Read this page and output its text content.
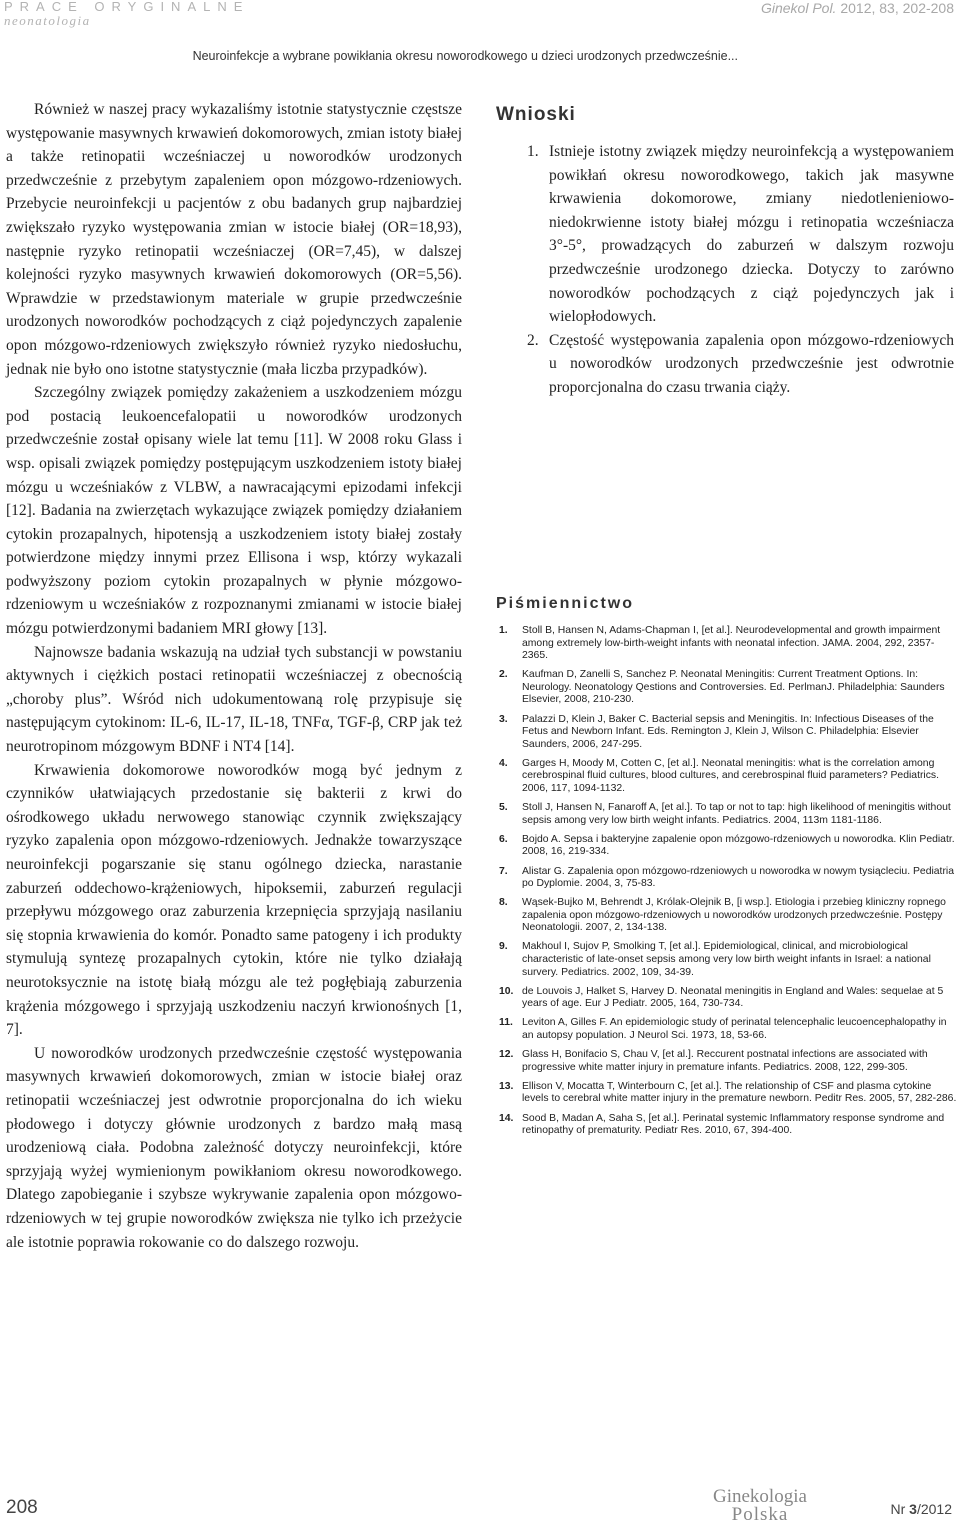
PRACE ORYGINALNE
neonatologia
Ginekol Pol. 2012, 83, 202-208
Neuroinfekcje a wybrane powikłania okresu noworodkowego u dzieci urodzonych przedwcześnie...

Również w naszej pracy wykazaliśmy istotnie statystycznie częstsze występowanie masywnych krwawień dokomorowych, zmian istoty białej a także retinopatii wcześniaczej u noworodków urodzonych przedwcześnie z przebytym zapaleniem opon mózgowo-rdzeniowych. Przebycie neuroinfekcji u pacjentów z obu badanych grup najbardziej zwiększało ryzyko występowania zmian w istocie białej (OR=18,93), następnie ryzyko retinopatii wcześniaczej (OR=7,45), w dalszej kolejności ryzyko masywnych krwawień dokomorowych (OR=5,56). Wprawdzie w przedstawionym materiale w grupie przedwcześnie urodzonych noworodków pochodzących z ciąż pojedynczych zapalenie opon mózgowo-rdzeniowych zwiększyło również ryzyko niedosłuchu, jednak nie było ono istotne statystycznie (mała liczba przypadków).

Szczególny związek pomiędzy zakażeniem a uszkodzeniem mózgu pod postacią leukoencefalopatii u noworodków urodzonych przedwcześnie został opisany wiele lat temu [11]. W 2008 roku Glass i wsp. opisali związek pomiędzy postępującym uszkodzeniem istoty białej mózgu u wcześniaków z VLBW, a nawracającymi epizodami infekcji [12]. Badania na zwierzętach wykazujące związek pomiędzy działaniem cytokin prozapalnych, hipotensją a uszkodzeniem istoty białej zostały potwierdzone między innymi przez Ellisona i wsp, którzy wykazali podwyższony poziom cytokin prozapalnych w płynie mózgowo-rdzeniowym u wcześniaków z rozpoznanymi zmianami w istocie białej mózgu potwierdzonymi badaniem MRI głowy [13].

Najnowsze badania wskazują na udział tych substancji w powstaniu aktywnych i ciężkich postaci retinopatii wcześniaczej z obecnością „choroby plus”. Wśród nich udokumentowaną rolę przypisuje się następującym cytokinom: IL-6, IL-17, IL-18, TNFα, TGF-β, CRP jak też neurotropinom mózgowym BDNF i NT4 [14].

Krwawienia dokomorowe noworodków mogą być jednym z czynników ułatwiających przedostanie się bakterii z krwi do ośrodkowego układu nerwowego stanowiąc czynnik zwiększający ryzyko zapalenia opon mózgowo-rdzeniowych. Jednakże towarzyszące neuroinfekcji pogarszanie się stanu ogólnego dziecka, narastanie zaburzeń oddechowo-krążeniowych, hipoksemii, zaburzeń regulacji przepływu mózgowego oraz zaburzenia krzepnięcia sprzyjają nasilaniu się stopnia krwawienia do komór. Ponadto same patogeny i ich produkty stymulują syntezę prozapalnych cytokin, które nie tylko działają neurotoksycznie na istotę białą mózgu ale też pogłębiają zaburzenia krążenia mózgowego i sprzyjają uszkodzeniu naczyń krwionośnych [1, 7].

U noworodków urodzonych przedwcześnie częstość występowania masywnych krwawień dokomorowych, zmian w istocie białej oraz retinopatii wcześniaczej jest odwrotnie proporcjonalna do ich wieku płodowego i dotyczy głównie urodzonych z bardzo małą masą urodzeniową ciała. Podobna zależność dotyczy neuroinfekcji, które sprzyjają wyżej wymienionym powikłaniom okresu noworodkowego. Dlatego zapobieganie i szybsze wykrywanie zapalenia opon mózgowo-rdzeniowych w tej grupie noworodków zwiększa nie tylko ich przeżycie ale istotnie poprawia rokowanie co do dalszego rozwoju.

Wnioski
1. Istnieje istotny związek między neuroinfekcją a występowaniem powikłań okresu noworodkowego, takich jak masywne krwawienia dokomorowe, zmiany niedotlenieniowo-niedokrwienne istoty białej mózgu i retinopatia wcześniacza 3°-5°, prowadzących do zaburzeń w dalszym rozwoju przedwcześnie urodzonego dziecka. Dotyczy to zarówno noworodków pochodzących z ciąż pojedynczych jak i wielopłodowych.
2. Częstość występowania zapalenia opon mózgowo-rdzeniowych u noworodków urodzonych przedwcześnie jest odwrotnie proporcjonalna do czasu trwania ciąży.
Piśmiennictwo
1. Stoll B, Hansen N, Adams-Chapman I, [et al.]. Neurodevelopmental and growth impairment among extremely low-birth-weight infants with neonatal infection. JAMA. 2004, 292, 2357-2365.
2. Kaufman D, Zanelli S, Sanchez P. Neonatal Meningitis: Current Treatment Options. In: Neurology. Neonatology Qestions and Controversies. Ed. PerlmanJ. Philadelphia: Saunders Elsevier, 2008, 210-230.
3. Palazzi D, Klein J, Baker C. Bacterial sepsis and Meningitis. In: Infectious Diseases of the Fetus and Newborn Infant. Eds. Remington J, Klein J, Wilson C. Philadelphia: Elsevier Saunders, 2006, 247-295.
4. Garges H, Moody M, Cotten C, [et al.]. Neonatal meningitis: what is the correlation among cerebrospinal fluid cultures, blood cultures, and cerebrospinal fluid parameters? Pediatrics. 2006, 117, 1094-1132.
5. Stoll J, Hansen N, Fanaroff A, [et al.]. To tap or not to tap: high likelihood of meningitis without sepsis among very low birth weight infants. Pediatrics. 2004, 113m 1181-1186.
6. Bojdo A. Sepsa i bakteryjne zapalenie opon mózgowo-rdzeniowych u noworodka. Klin Pediatr. 2008, 16, 219-334.
7. Alistar G. Zapalenia opon mózgowo-rdzeniowych u noworodka w nowym tysiącleciu. Pediatria po Dyplomie. 2004, 3, 75-83.
8. Wąsek-Bujko M, Behrendt J, Królak-Olejnik B, [i wsp.]. Etiologia i przebieg kliniczny ropnego zapalenia opon mózgowo-rdzeniowych u noworodków urodzonych przedwcześnie. Postępy Neonatologii. 2007, 2, 134-138.
9. Makhoul I, Sujov P, Smolking T, [et al.]. Epidemiological, clinical, and microbiological characteristic of late-onset sepsis among very low birth weight infants in Israel: a national survery. Pediatrics. 2002, 109, 34-39.
10. de Louvois J, Halket S, Harvey D. Neonatal meningitis in England and Wales: sequelae at 5 years of age. Eur J Pediatr. 2005, 164, 730-734.
11. Leviton A, Gilles F. An epidemiologic study of perinatal telencephalic leucoencephalopathy in an autopsy population. J Neurol Sci. 1973, 18, 53-66.
12. Glass H, Bonifacio S, Chau V, [et al.]. Reccurent postnatal infections are associated with progressive white matter injury in premature infants. Pediatrics. 2008, 122, 299-305.
13. Ellison V, Mocatta T, Winterbourn C, [et al.]. The relationship of CSF and plasma cytokine levels to cerebral white matter injury in the premature newborn. Peditr Res. 2005, 57, 282-286.
14. Sood B, Madan A, Saha S, [et al.]. Perinatal systemic Inflammatory response syndrome and retinopathy of prematurity. Pediatr Res. 2010, 67, 394-400.
208
Ginekologia
Polska	Nr 3/2012
